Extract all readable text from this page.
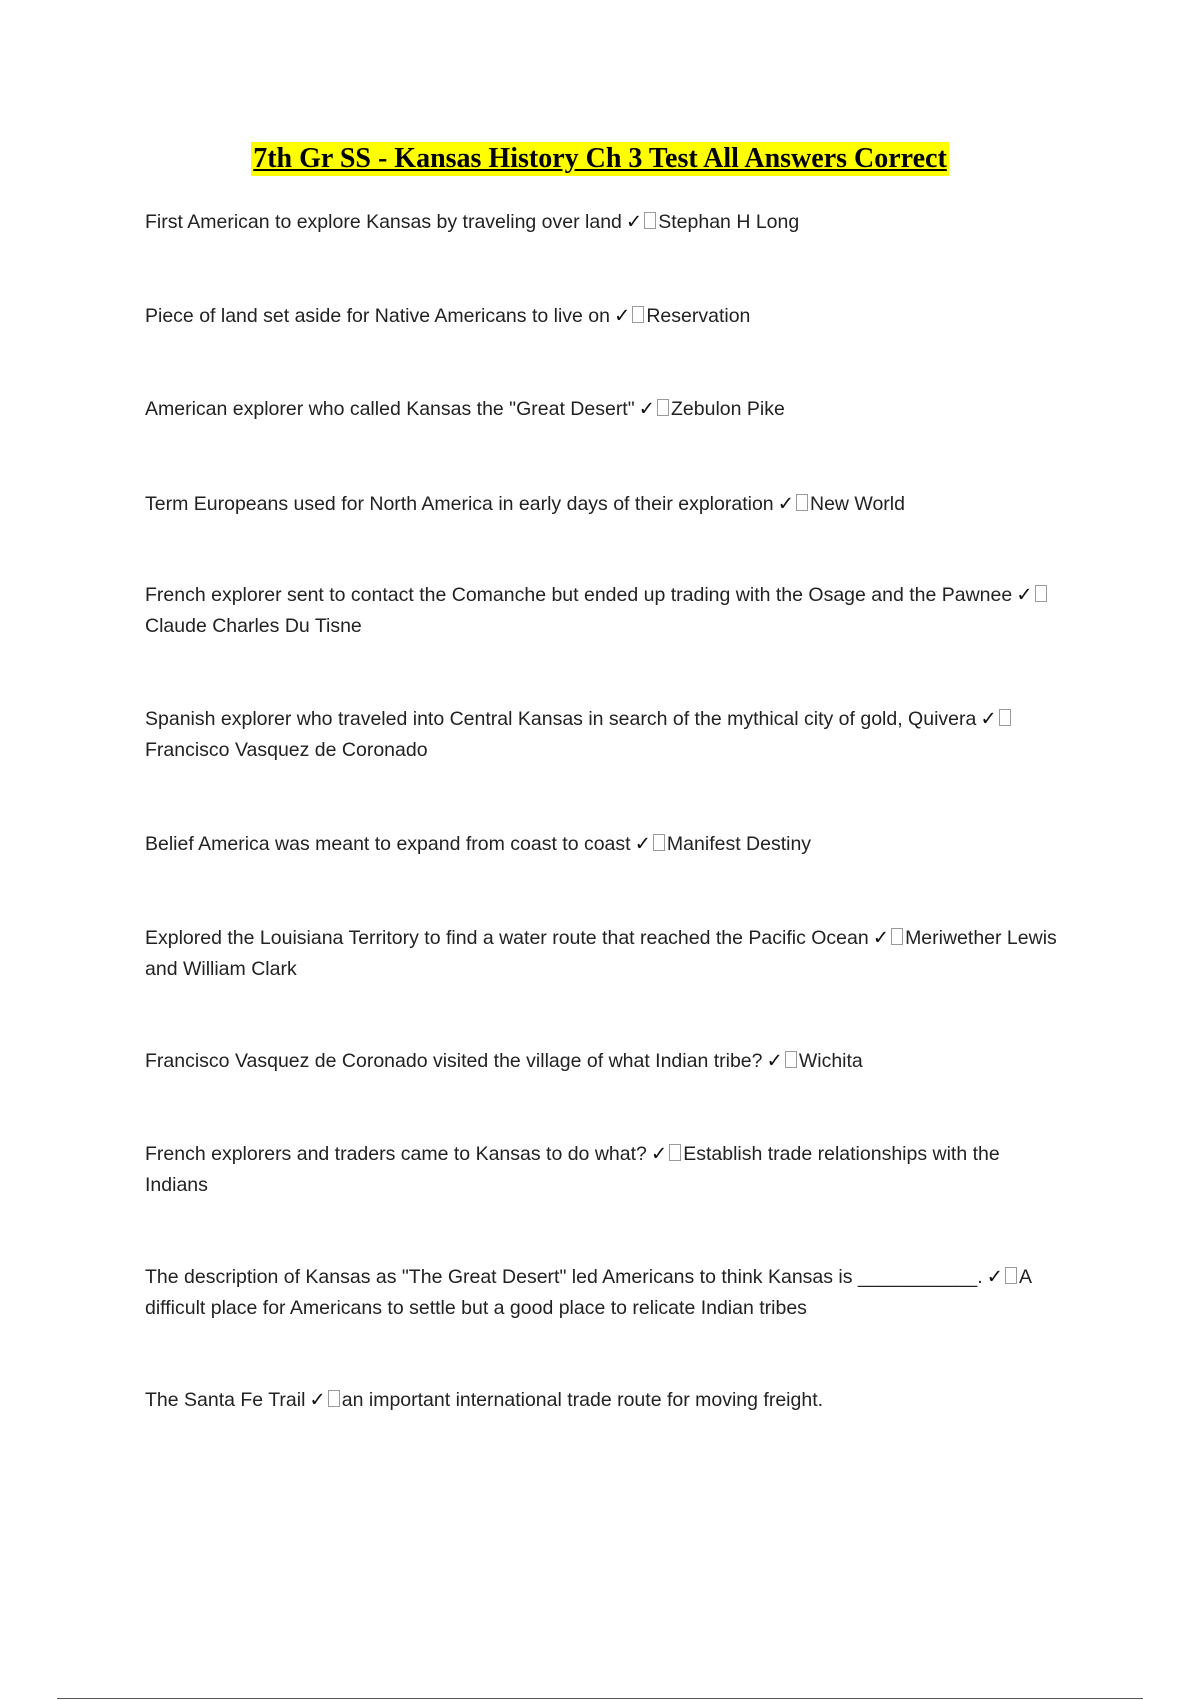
7th Gr SS - Kansas History Ch 3 Test All Answers Correct
First American to explore Kansas by traveling over land ✓ Stephan H Long
Piece of land set aside for Native Americans to live on ✓ Reservation
American explorer who called Kansas the "Great Desert" ✓ Zebulon Pike
Term Europeans used for North America in early days of their exploration ✓ New World
French explorer sent to contact the Comanche but ended up trading with the Osage and the Pawnee ✓Claude Charles Du Tisne
Spanish explorer who traveled into Central Kansas in search of the mythical city of gold, Quivera ✓Francisco Vasquez de Coronado
Belief America was meant to expand from coast to coast ✓ Manifest Destiny
Explored the Louisiana Territory to find a water route that reached the Pacific Ocean ✓ Meriwether Lewis and William Clark
Francisco Vasquez de Coronado visited the village of what Indian tribe? ✓ Wichita
French explorers and traders came to Kansas to do what? ✓ Establish trade relationships with the Indians
The description of Kansas as "The Great Desert" led Americans to think Kansas is ___________. ✓ A difficult place for Americans to settle but a good place to relicate Indian tribes
The Santa Fe Trail ✓ an important international trade route for moving freight.
